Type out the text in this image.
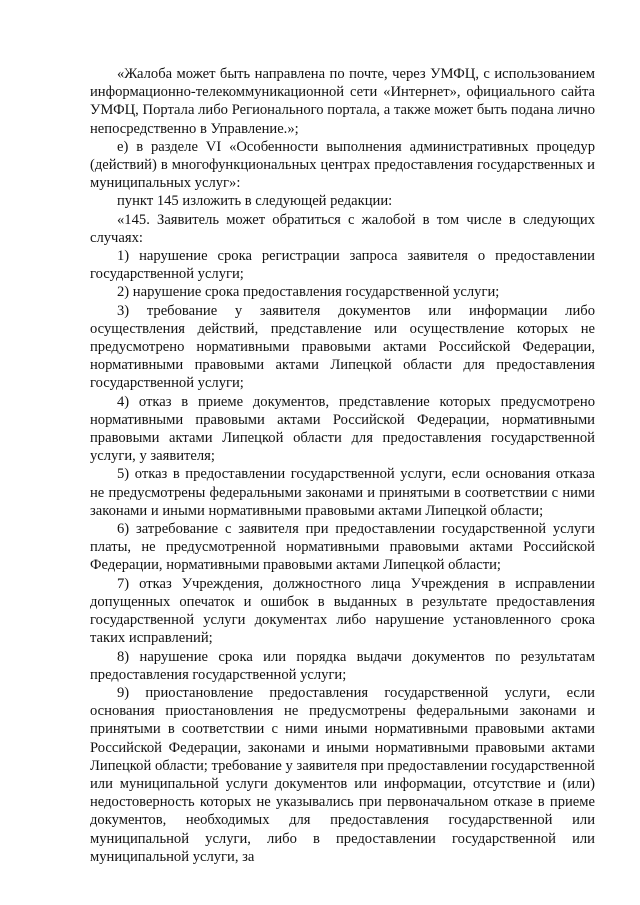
«Жалоба может быть направлена по почте, через УМФЦ, с использованием информационно-телекоммуникационной сети «Интернет», официального сайта УМФЦ, Портала либо Регионального портала, а также может быть подана лично непосредственно в Управление.»;

е) в разделе VI «Особенности выполнения административных процедур (действий) в многофункциональных центрах предоставления государственных и муниципальных услуг»:

пункт 145 изложить в следующей редакции:

«145. Заявитель может обратиться с жалобой в том числе в следующих случаях:

1) нарушение срока регистрации запроса заявителя о предоставлении государственной услуги;

2) нарушение срока предоставления государственной услуги;

3) требование у заявителя документов или информации либо осуществления действий, представление или осуществление которых не предусмотрено нормативными правовыми актами Российской Федерации, нормативными правовыми актами Липецкой области для предоставления государственной услуги;

4) отказ в приеме документов, представление которых предусмотрено нормативными правовыми актами Российской Федерации, нормативными правовыми актами Липецкой области для предоставления государственной услуги, у заявителя;

5) отказ в предоставлении государственной услуги, если основания отказа не предусмотрены федеральными законами и принятыми в соответствии с ними законами и иными нормативными правовыми актами Липецкой области;

6) затребование с заявителя при предоставлении государственной услуги платы, не предусмотренной нормативными правовыми актами Российской Федерации, нормативными правовыми актами Липецкой области;

7) отказ Учреждения, должностного лица Учреждения в исправлении допущенных опечаток и ошибок в выданных в результате предоставления государственной услуги документах либо нарушение установленного срока таких исправлений;

8) нарушение срока или порядка выдачи документов по результатам предоставления государственной услуги;

9) приостановление предоставления государственной услуги, если основания приостановления не предусмотрены федеральными законами и принятыми в соответствии с ними иными нормативными правовыми актами Российской Федерации, законами и иными нормативными правовыми актами Липецкой области; требование у заявителя при предоставлении государственной или муниципальной услуги документов или информации, отсутствие и (или) недостоверность которых не указывались при первоначальном отказе в приеме документов, необходимых для предоставления государственной или муниципальной услуги, либо в предоставлении государственной или муниципальной услуги, за
